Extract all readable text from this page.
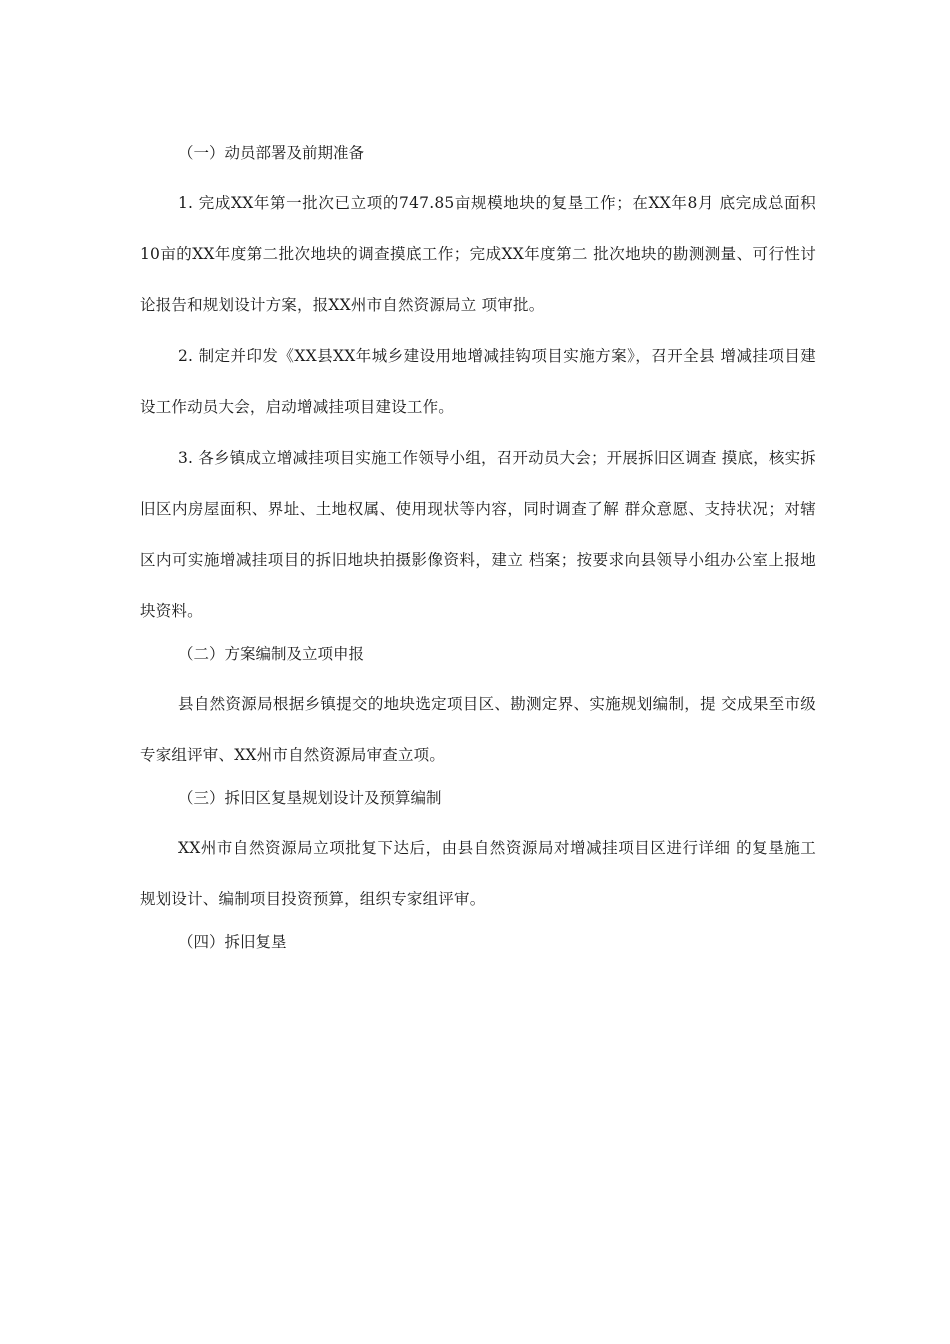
（一）动员部署及前期准备

1. 完成XX年第一批次已立项的747.85亩规模地块的复垦工作；在XX年8月 底完成总面积10亩的XX年度第二批次地块的调查摸底工作；完成XX年度第二 批次地块的勘测测量、可行性讨论报告和规划设计方案，报XX州市自然资源局立 项审批。

2. 制定并印发《XX县XX年城乡建设用地增减挂钩项目实施方案》，召开全县 增减挂项目建设工作动员大会，启动增减挂项目建设工作。

3. 各乡镇成立增减挂项目实施工作领导小组，召开动员大会；开展拆旧区调查 摸底，核实拆旧区内房屋面积、界址、土地权属、使用现状等内容，同时调查了解 群众意愿、支持状况；对辖区内可实施增减挂项目的拆旧地块拍摄影像资料，建立 档案；按要求向县领导小组办公室上报地块资料。

（二）方案编制及立项申报

县自然资源局根据乡镇提交的地块选定项目区、勘测定界、实施规划编制，提 交成果至市级专家组评审、XX州市自然资源局审查立项。

（三）拆旧区复垦规划设计及预算编制

XX州市自然资源局立项批复下达后，由县自然资源局对增减挂项目区进行详细 的复垦施工规划设计、编制项目投资预算，组织专家组评审。

（四）拆旧复垦
